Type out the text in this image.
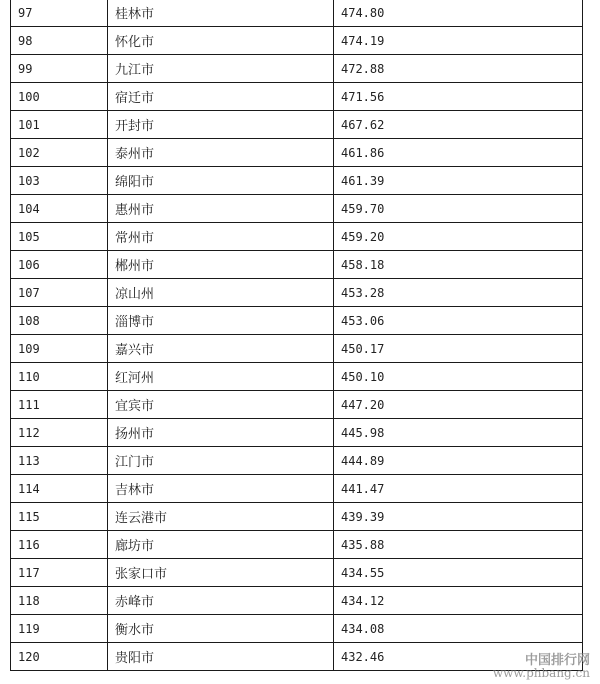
97	桂林市	474.80
98	怀化市	474.19
99	九江市	472.88
100	宿迁市	471.56
101	开封市	467.62
102	泰州市	461.86
103	绵阳市	461.39
104	惠州市	459.70
105	常州市	459.20
106	郴州市	458.18
107	凉山州	453.28
108	淄博市	453.06
109	嘉兴市	450.17
110	红河州	450.10
111	宜宾市	447.20
112	扬州市	445.98
113	江门市	444.89
114	吉林市	441.47
115	连云港市	439.39
116	廊坊市	435.88
117	张家口市	434.55
118	赤峰市	434.12
119	衡水市	434.08
120	贵阳市	432.46	中国排行网
www.phbang.cn
